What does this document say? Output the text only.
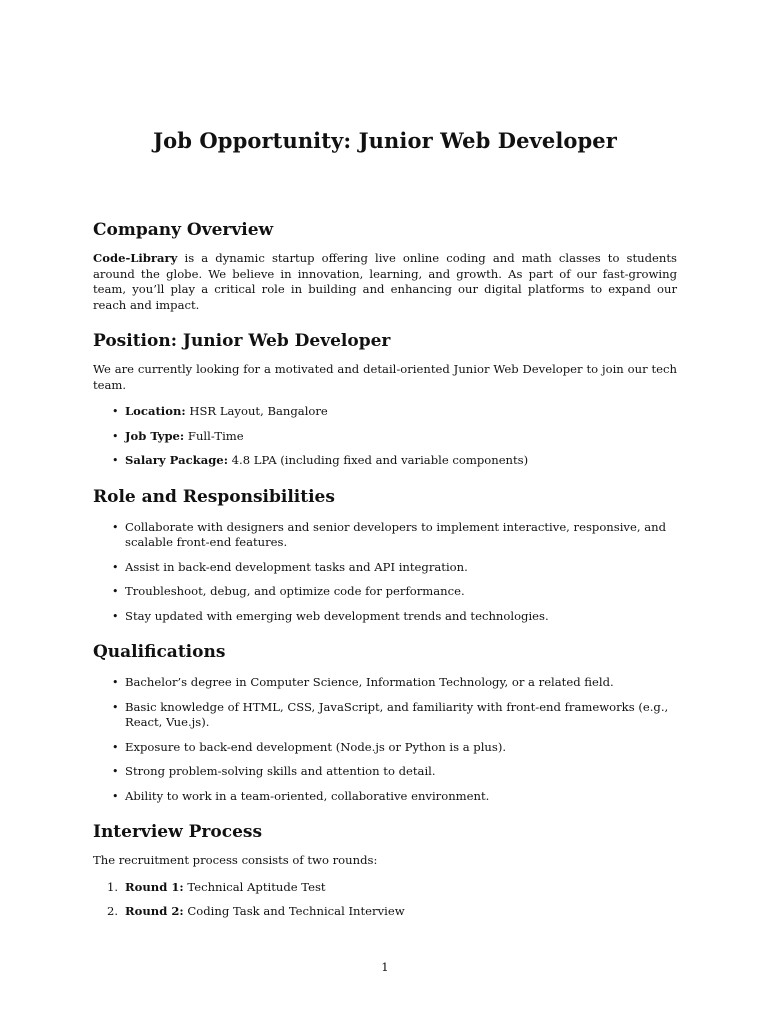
Job Opportunity: Junior Web Developer
Company Overview

Code-Library is a dynamic startup offering live online coding and math classes to students around the globe. We believe in innovation, learning, and growth. As part of our fast-growing team, you’ll play a critical role in building and enhancing our digital platforms to expand our reach and impact.

Position: Junior Web Developer

We are currently looking for a motivated and detail-oriented Junior Web Developer to join our tech team.

• Location: HSR Layout, Bangalore
• Job Type: Full-Time
• Salary Package: 4.8 LPA (including fixed and variable components)
Role and Responsibilities
• Collaborate with designers and senior developers to implement interactive, responsive, and scalable front-end features.
• Assist in back-end development tasks and API integration.
• Troubleshoot, debug, and optimize code for performance.
• Stay updated with emerging web development trends and technologies.
Qualifications
• Bachelor’s degree in Computer Science, Information Technology, or a related field.
• Basic knowledge of HTML, CSS, JavaScript, and familiarity with front-end frameworks (e.g., React, Vue.js).
• Exposure to back-end development (Node.js or Python is a plus).
• Strong problem-solving skills and attention to detail.
• Ability to work in a team-oriented, collaborative environment.
Interview Process

The recruitment process consists of two rounds:

1. Round 1: Technical Aptitude Test
2. Round 2: Coding Task and Technical Interview
1
